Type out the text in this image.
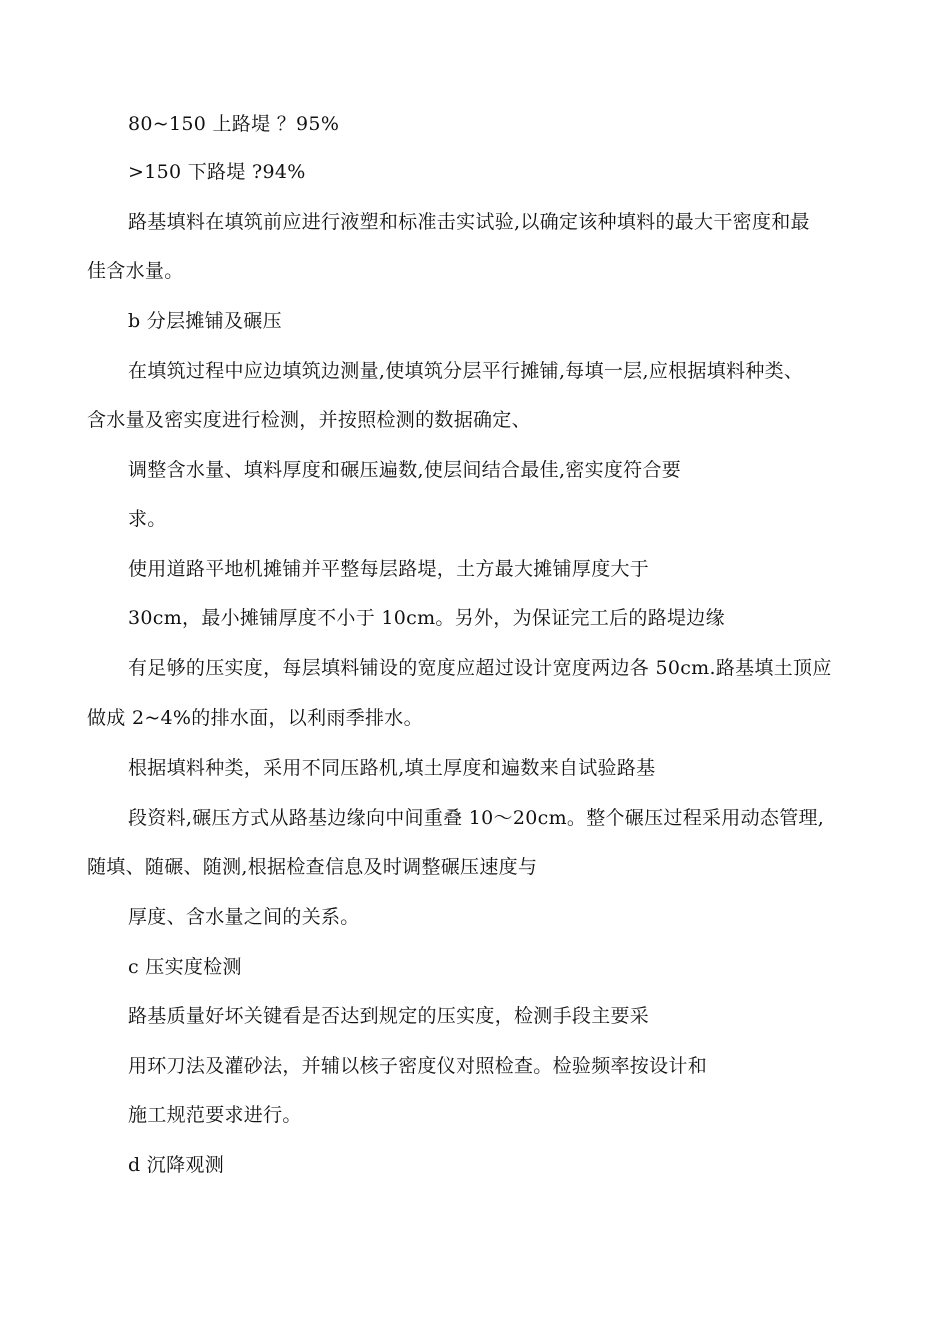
80~150 上路堤 ？95%
>150 下路堤 ?94%
路基填料在填筑前应进行液塑和标准击实试验,以确定该种填料的最大干密度和最
佳含水量。
b 分层摊铺及碾压
在填筑过程中应边填筑边测量,使填筑分层平行摊铺,每填一层,应根据填料种类、
含水量及密实度进行检测，并按照检测的数据确定、
调整含水量、填料厚度和碾压遍数,使层间结合最佳,密实度符合要
求。
使用道路平地机摊铺并平整每层路堤，土方最大摊铺厚度大于
30cm，最小摊铺厚度不小于 10cm。另外，为保证完工后的路堤边缘
有足够的压实度，每层填料铺设的宽度应超过设计宽度两边各 50cm.路基填土顶应
做成 2~4%的排水面，以利雨季排水。
根据填料种类，采用不同压路机,填土厚度和遍数来自试验路基
段资料,碾压方式从路基边缘向中间重叠 10～20cm。整个碾压过程采用动态管理,
随填、随碾、随测,根据检查信息及时调整碾压速度与
厚度、含水量之间的关系。
c 压实度检测
路基质量好坏关键看是否达到规定的压实度，检测手段主要采
用环刀法及灌砂法，并辅以核子密度仪对照检查。检验频率按设计和
施工规范要求进行。
d 沉降观测
